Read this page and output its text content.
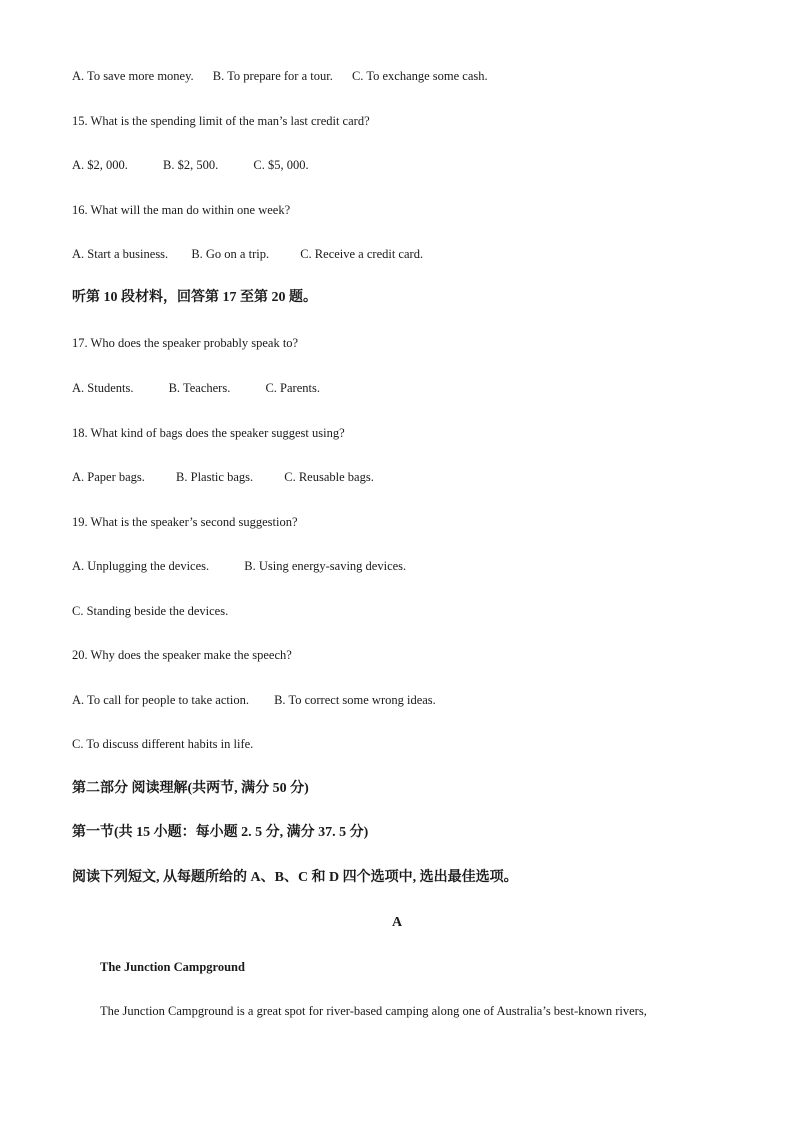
A. To save more money. B. To prepare for a tour. C. To exchange some cash.
15. What is the spending limit of the man’s last credit card?
A. $2, 000.	B. $2, 500.	C. $5, 000.
16. What will the man do within one week?
A. Start a business. B. Go on a trip. C. Receive a credit card.
听第 10 段材料，回答第 17 至第 20 题。
17. Who does the speaker probably speak to?
A. Students.	B. Teachers.	C. Parents.
18. What kind of bags does the speaker suggest using?
A. Paper bags. B. Plastic bags. C. Reusable bags.
19. What is the speaker’s second suggestion?
A. Unplugging the devices.	B. Using energy-saving devices.
C. Standing beside the devices.
20. Why does the speaker make the speech?
A. To call for people to take action. B. To correct some wrong ideas.
C. To discuss different habits in life.
第二部分 阅读理解(共两节, 满分 50 分)
第一节(共 15 小题：每小题 2. 5 分, 满分 37. 5 分)
阅读下列短文, 从每题所给的 A、B、C 和 D 四个选项中, 选出最佳选项。
A
The Junction Campground
The Junction Campground is a great spot for river-based camping along one of Australia’s best-known rivers,
